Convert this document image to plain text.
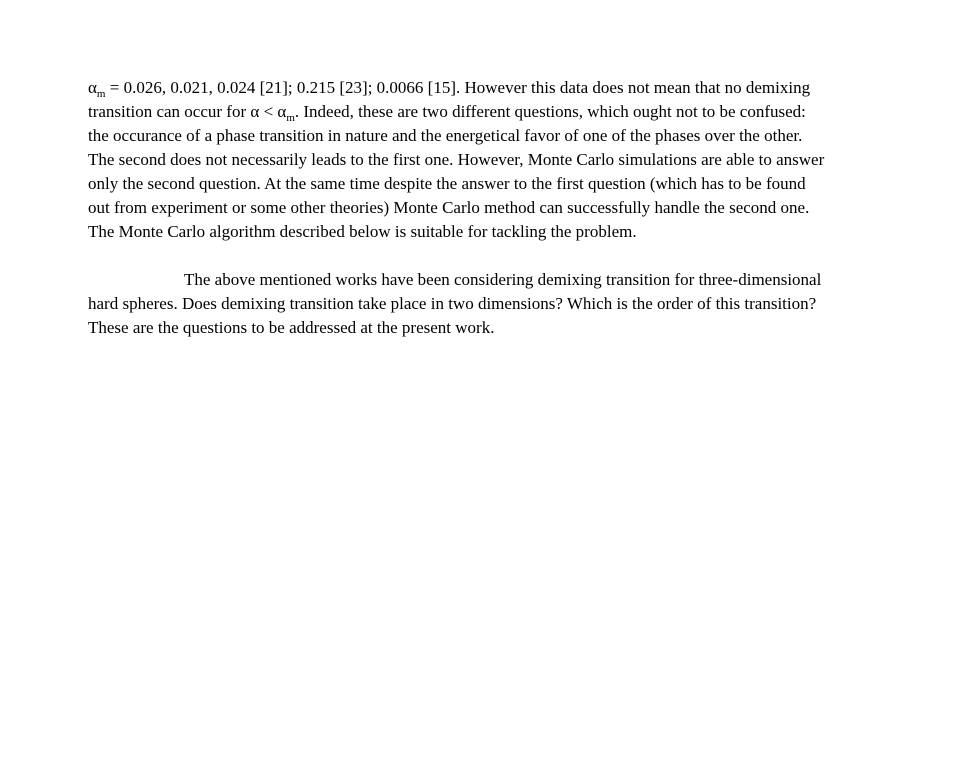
$\alpha_m = 0.026$, 0.021, 0.024 [21]; 0.215 [23]; 0.0066 [15]. However this data does not mean that no demixing
transition can occur for $\alpha < \alpha_m$. Indeed, these are two different questions, which ought not to be confused:
the occurance of a phase transition in nature and the energetical favor of one of the phases over the other.
The second does not necessarily leads to the first one. However, Monte Carlo simulations are able to answer
only the second question. At the same time despite the answer to the first question (which has to be found
out from experiment or some other theories) Monte Carlo method can successfully handle the second one.
The Monte Carlo algorithm described below is suitable for tackling the problem.
The above mentioned works have been considering demixing transition for three-dimensional
hard spheres. Does demixing transition take place in two dimensions? Which is the order of this transition?
These are the questions to be addressed at the present work.
